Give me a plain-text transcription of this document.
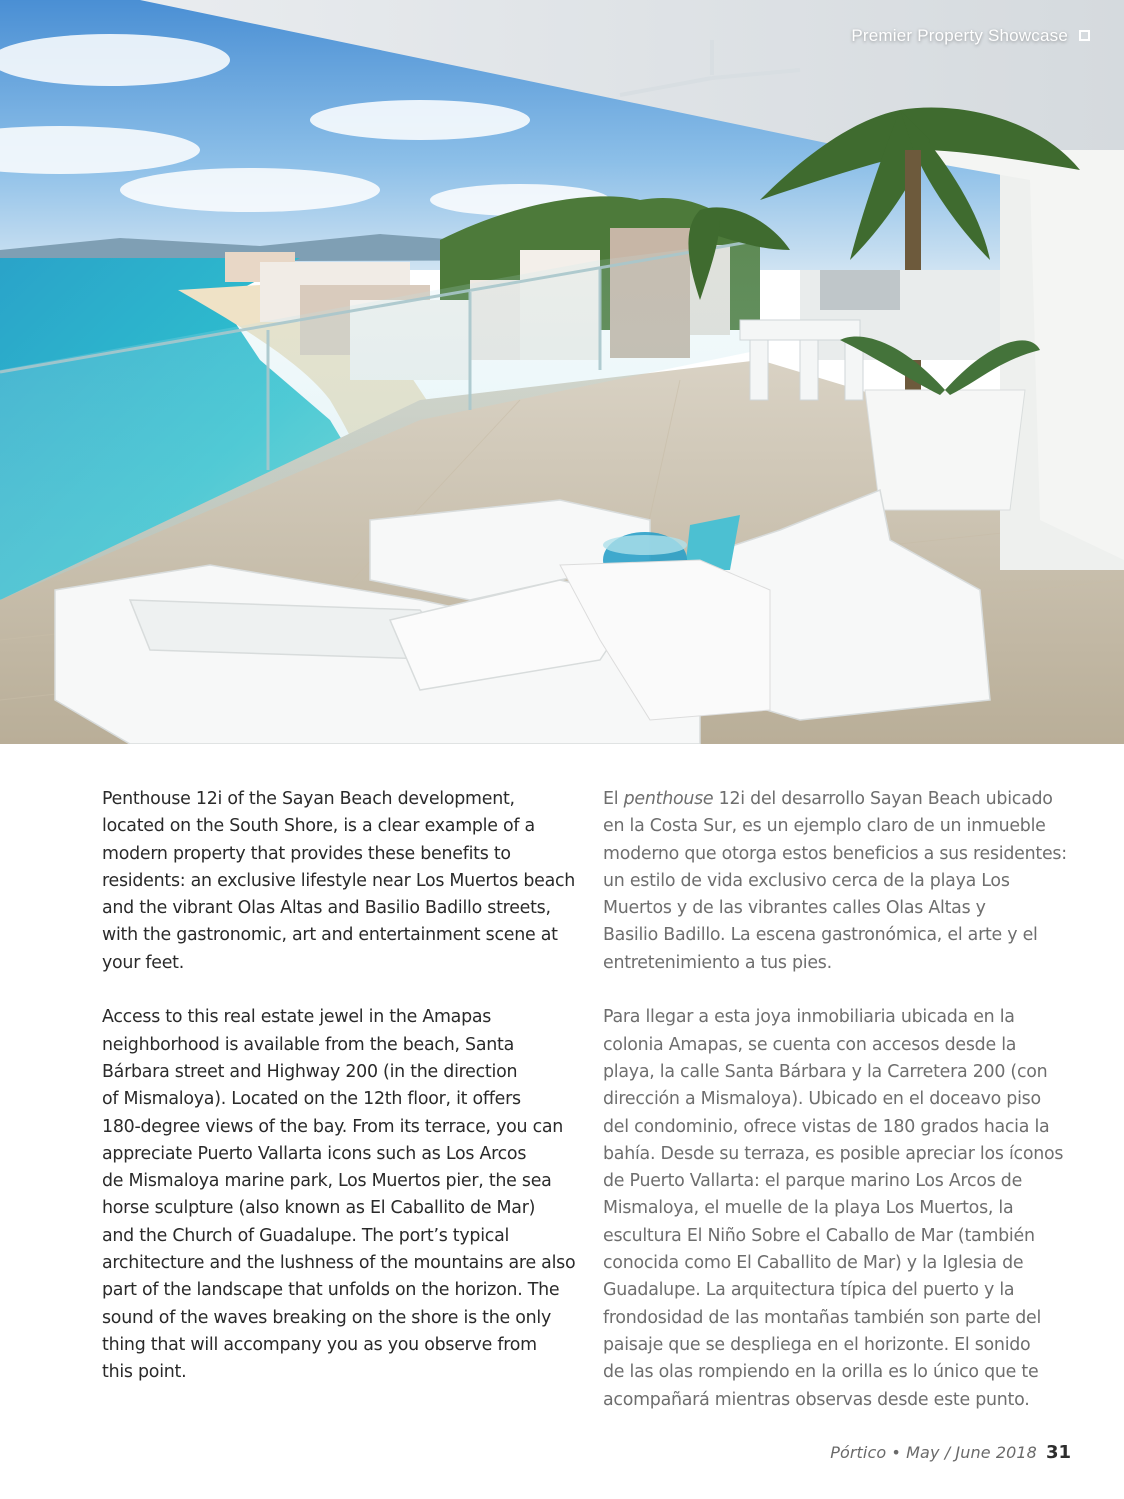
Premier Property Showcase

Penthouse 12i of the Sayan Beach development,
located on the South Shore, is a clear example of a
modern property that provides these benefits to
residents: an exclusive lifestyle near Los Muertos beach
and the vibrant Olas Altas and Basilio Badillo streets,
with the gastronomic, art and entertainment scene at
your feet.

Access to this real estate jewel in the Amapas
neighborhood is available from the beach, Santa
Bárbara street and Highway 200 (in the direction
of Mismaloya). Located on the 12th floor, it offers
180-degree views of the bay. From its terrace, you can
appreciate Puerto Vallarta icons such as Los Arcos
de Mismaloya marine park, Los Muertos pier, the sea
horse sculpture (also known as El Caballito de Mar)
and the Church of Guadalupe. The port’s typical
architecture and the lushness of the mountains are also
part of the landscape that unfolds on the horizon. The
sound of the waves breaking on the shore is the only
thing that will accompany you as you observe from
this point.

El penthouse 12i del desarrollo Sayan Beach ubicado
en la Costa Sur, es un ejemplo claro de un inmueble
moderno que otorga estos beneficios a sus residentes:
un estilo de vida exclusivo cerca de la playa Los
Muertos y de las vibrantes calles Olas Altas y
Basilio Badillo. La escena gastronómica, el arte y el
entretenimiento a tus pies.

Para llegar a esta joya inmobiliaria ubicada en la
colonia Amapas, se cuenta con accesos desde la
playa, la calle Santa Bárbara y la Carretera 200 (con
dirección a Mismaloya). Ubicado en el doceavo piso
del condominio, ofrece vistas de 180 grados hacia la
bahía. Desde su terraza, es posible apreciar los íconos
de Puerto Vallarta: el parque marino Los Arcos de
Mismaloya, el muelle de la playa Los Muertos, la
escultura El Niño Sobre el Caballo de Mar (también
conocida como El Caballito de Mar) y la Iglesia de
Guadalupe. La arquitectura típica del puerto y la
frondosidad de las montañas también son parte del
paisaje que se despliega en el horizonte. El sonido
de las olas rompiendo en la orilla es lo único que te
acompañará mientras observas desde este punto.

Pórtico • May / June 2018 31
